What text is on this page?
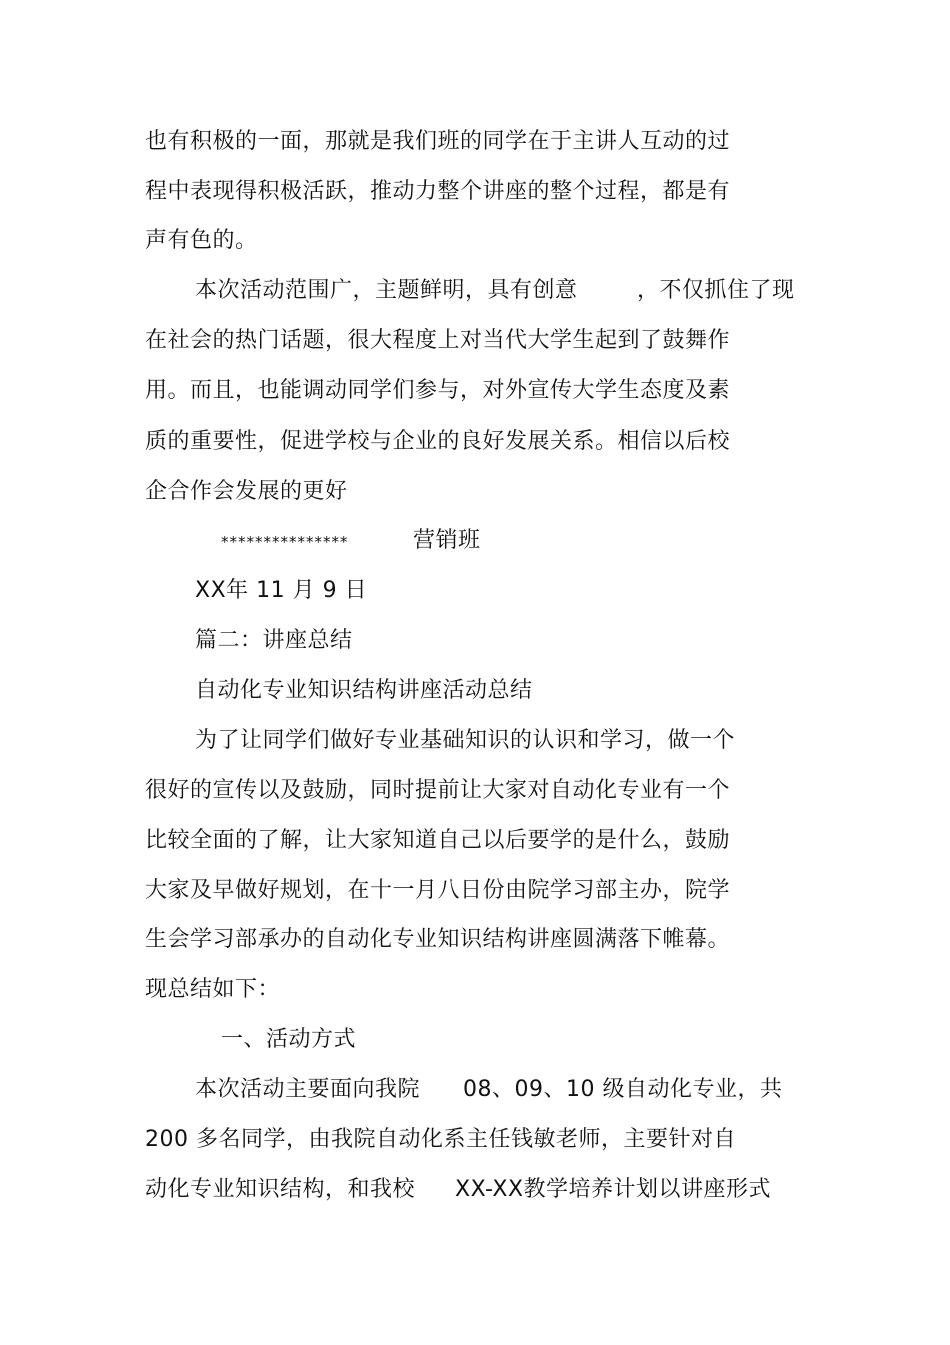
也有积极的一面，那就是我们班的同学在于主讲人互动的过

程中表现得积极活跃，推动力整个讲座的整个过程，都是有

声有色的。

本次活动范围广，主题鲜明，具有创意	，不仅抓住了现

在社会的热门话题，很大程度上对当代大学生起到了鼓舞作

用。而且，也能调动同学们参与，对外宣传大学生态度及素

质的重要性，促进学校与企业的良好发展关系。相信以后校

企合作会发展的更好

***************	营销班

XX年 11 月 9 日

篇二：讲座总结

自动化专业知识结构讲座活动总结

为了让同学们做好专业基础知识的认识和学习，做一个

很好的宣传以及鼓励，同时提前让大家对自动化专业有一个

比较全面的了解，让大家知道自己以后要学的是什么，鼓励

大家及早做好规划，在十一月八日份由院学习部主办，院学

生会学习部承办的自动化专业知识结构讲座圆满落下帷幕。

现总结如下：

一、活动方式

本次活动主要面向我院 08、09、10 级自动化专业，共

200 多名同学，由我院自动化系主任钱敏老师，主要针对自

动化专业知识结构，和我校 XX-XX教学培养计划以讲座形式
